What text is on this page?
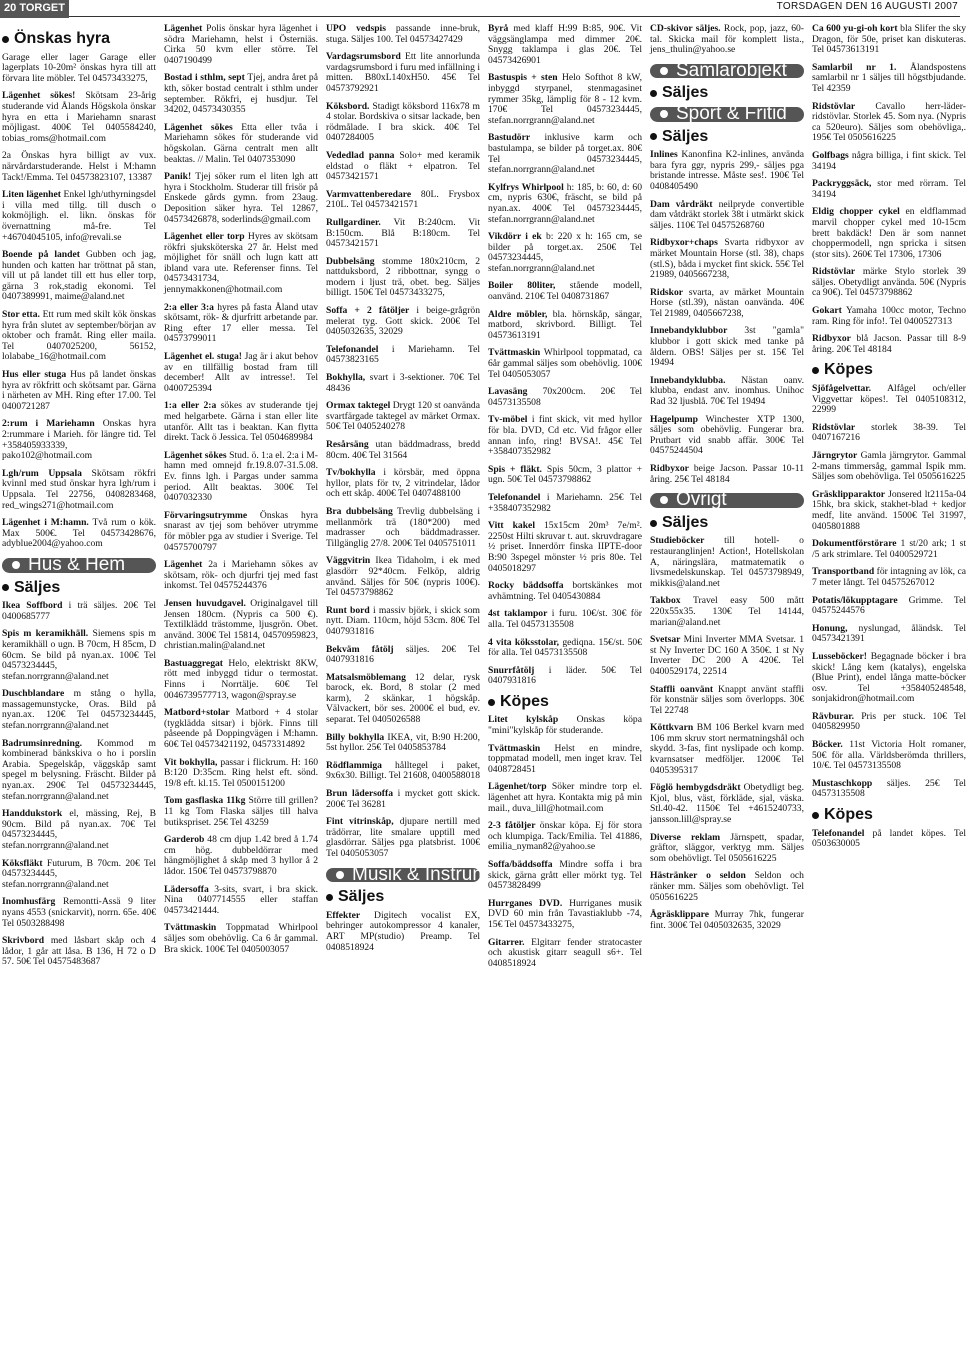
20 TORGET	TORSDAGEN DEN 16 AUGUSTI 2007
Önskas hyra
Garage eller lager Garage eller lagerplats 10-20m² önskas hyra till att förvara lite möbler. Tel 04573433275,
Lägenhet sökes! Skötsam 23-årig studerande vid Ålands Högskola önskar hyra en etta i Mariehamn snarast möjligast. 400€ Tel 0405584240, tobias_roms@hotmail.com
2a Önskas hyra billigt av vux. närvårdarstuderande. Helst i M:hamn Tack!/Emma. Tel 04573823107, 13387
Liten lägenhet Enkel lgh/uthyrningsdel i villa med tillg. till dusch o kokmöjligh. el. likn. önskas för övernattning må-fre. Tel +46704045105, info@revali.se
Boende på landet Gubben och jag, hunden och katten har tröttnat på stan, vill ut på landet till ett hus eller torp, gärna 3 rok,stadig ekonomi. Tel 0407389991, maime@aland.net
Stor etta. Ett rum med skilt kök önskas hyra från slutet av september/början av oktober och framåt. Ring eller maila. Tel 0407025200, 56152, lolababe_16@hotmail.com
Hus eller stuga Hus på landet önskas hyra av rökfritt och skötsamt par. Gärna i närheten av MH. Ring efter 17.00. Tel 0400721287
2:rum i Mariehamn Onskas hyra 2:rummare i Marieh. för längre tid. Tel +358405933339, pako102@hotmail.com
Lgh/rum Uppsala Skötsam rökfri kvinnl med stud önskar hyra lgh/rum i Uppsala. Tel 22756, 0408283468, red_wings271@hotmail.com
Lägenhet i M:hamn. Två rum o kök. Max 500€. Tel 04573428676, adyblue2004@yahoo.com
Hus & Hem
Säljes
Ikea Soffbord i trä säljes. 20€ Tel 0400685777
Spis m keramikhäll. Siemens spis m keramikhäll o ugn. B 70cm, H 85cm, D 60cm. Se bild på nyan.ax. 100€ Tel 04573234445, stefan.norrgrann@aland.net
Duschblandare m stång o hylla, massagemunstycke, Oras. Bild på nyan.ax. 120€ Tel 04573234445, stefan.norrgrann@aland.net
Badrumsinredning. Kommod m kombinerad bänkskiva o ho i porslin Arabia. Spegelskåp, väggskåp samt spegel m belysning. Fräscht. Bilder på nyan.ax. 290€ Tel 04573234445, stefan.norrgrann@aland.net
Handdukstork el, mässing, Rej, B 90cm. Bild på nyan.ax. 70€ Tel 04573234445, stefan.norrgrann@aland.net
Köksfläkt Futurum, B 70cm. 20€ Tel 04573234445, stefan.norrgrann@aland.net
Inomhusfärg Remontti-Assä 9 liter nyans 4553 (snickarvit), norrn. 65e. 40€ Tel 0503288498
Skrivbord med låsbart skåp och 4 lådor, 1 går att låsa. B 136, H 72 o D 57. 50€ Tel 04575483687
Lägenhet Polis önskar hyra lägenhet i södra Mariehamn, helst i Österniäs. Cirka 50 kvm eller större. Tel 0407190499
Bostad i sthlm, sept Tjej, andra året på kth, söker bostad centralt i sthlm under september. Rökfri, ej husdjur. Tel 34202, 04573430355
Lägenhet sökes Etta eller tvåa i Mariehamn sökes för studerande vid högskolan. Gärna centralt men allt beaktas. // Malin. Tel 0407353090
Panik! Tjej söker rum el liten lgh att hyra i Stockholm. Studerar till frisör på Enskede gårds gymn. from 23aug. Deposition säker hyra. Tel 12867, 04573426878, soderlinds@gmail.com
Lägenhet eller torp Hyres av skötsam rökfri sjuksköterska 27 år. Helst med möjlighet för snäll och lugn katt att ibland vara ute. Referenser finns. Tel 04573431734, jennymakkonen@hotmail.com
2:a eller 3:a hyres på fasta Åland utav skötsamt, rök- & djurfritt arbetande par. Ring efter 17 eller messa. Tel 04573799011
Lägenhet el. stuga! Jag är i akut behov av en tillfällig bostad fram till december! Allt av intresse!. Tel 0400725394
1:a eller 2:a sökes av studerande tjej med helgarbete. Gärna i stan eller lite utanför. Allt tas i beaktan. Kan flytta direkt. Tack ö Jessica. Tel 0504689984
Lägenhet sökes Stud. ö. 1:a el. 2:a i M-hamn med omnejd fr.19.8.07-31.5.08. Ev. finns lgh. i Pargas under samma period. Allt beaktas. 300€ Tel 0407032330
Förvaringsutrymme Önskas hyra snarast av tjej som behöver utrymme för möbler pga av studier i Sverige. Tel 04575700797
Lägenhet 2a i Mariehamn sökes av skötsam, rök- och djurfri tjej med fast inkomst. Tel 04575244376
Jensen huvudgavel. Originalgavel till Jensen 180cm. (Nypris ca 500 €). Textilklädd trästomme, ljusgrön. Obet. använd. 300€ Tel 15814, 04570959823, christian.malin@aland.net
Bastuaggregat Helo, elektriskt 8KW, rött med inbyggd tidur o termostat. Finns i Norrtälje. 60€ Tel 0046739577713, wagon@spray.se
Matbord+stolar Matbord + 4 stolar (tygklädda sitsar) i björk. Finns till påseende på Doppingvägen i M:hamn. 60€ Tel 04573421192, 04573314892
Vit bokhylla, passar i flickrum. H: 160 B:120 D:35cm. Ring helst eft. sönd. 19/8 eft. kl.15. Tel 0500151200
Tom gasflaska 11kg Större till grillen? 11 kg Tom Flaska säljes till halva butikspriset. 25€ Tel 43259
Garderob 48 cm djup 1.42 bred å 1.74 cm hög. dubbeldörrar med hängmöjlighet å skåp med 3 hyllor å 2 lådor. 150€ Tel 04573798870
Lädersoffa 3-sits, svart, i bra skick. Nina 0407714555 eller staffan 04573421444.
Tvättmaskin Toppmatad Whirlpool säljes som obehövlig. Ca 6 år gammal. Bra skick. 100€ Tel 0405003057
UPO vedspis passande inne-bruk, stuga. Säljes 100. Tel 04573427429
Vardagsrumsbord Ett lite annorlunda vardagsrumsbord i furu med infällning i mitten. B80xL140xH50. 45€ Tel 04573792921
Köksbord. Stadigt köksbord 116x78 m 4 stolar. Bordskiva o sitsar lackade, ben rödmålade. I bra skick. 40€ Tel 0407284005
Vededlad panna Solo+ med keramik eldstad o fläkt + elpatron. Tel 04573421571
Varmvattenberedare 80L. Frysbox 210L. Tel 04573421571
Rullgardiner. Vit B:240cm. Vit B:150cm. Blå B:180cm. Tel 04573421571
Dubbelsäng stomme 180x210cm, 2 nattduksbord, 2 ribbottnar, syngg o modern i ljust trä, obet. beg. Säljes billigt. 150€ Tel 04573433275,
Soffa + 2 fåtöljer i beige-grågrön melerat tyg. Gott skick. 200€ Tel 0405032635, 32029
Telefonandel i Mariehamn. Tel 04573823165
Bokhylla, svart i 3-sektioner. 70€ Tel 48436
Ormax taktegel Drygt 120 st oanvända svartfärgade taktegel av märket Ormax. 50€ Tel 0405240278
Resårsäng utan bäddmadrass, bredd 80cm. 40€ Tel 31564
Tv/bokhylla i körsbär, med öppna hyllor, plats för tv, 2 vitrindelar, lådor och ett skåp. 400€ Tel 0407488100
Bra dubbelsäng Trevlig dubbelsäng i mellanmörk trä (180*200) med madrasser och bäddmadrasser. Tillgänglig 27/8. 200€ Tel 0405751011
Väggvitrin Ikea Tidaholm, i ek med glasdörr 92*40cm. Felköp, aldrig använd. Säljes för 50€ (nypris 100€). Tel 04573798862
Runt bord i massiv björk, i skick som nytt. Diam. 110cm, höjd 53cm. 80€ Tel 0407931816
Bekväm fåtölj säljes. 20€ Tel 0407931816
Matsalsmöblemang 12 delar, rysk barock, ek. Bord, 8 stolar (2 med karm), 2 skänkar, 1 högskåp. Välvackert, bör ses. 2000€ el bud, ev. separat. Tel 0405026588
Billy bokhylla IKEA, vit, B:90 H:200, 5st hyllor. 25€ Tel 0405853784
Rödflammiga hålltegel i paket, 9x6x30. Billigt. Tel 21608, 0400588018
Brun lädersoffa i mycket gott skick. 200€ Tel 36281
Fint vitrinskåp, djupare nertill med trädörrar, lite smalare upptill med glasdörrar. Säljes pga platsbrist. 100€ Tel 0405053057
Musik & Instrument
Säljes
Effekter Digitech vocalist EX, behringer autokompressor 4 kanaler, ART MP(studio) Preamp. Tel 0408518924
Byrå med klaff H:99 B:85, 90€. Vit väggsänglampa med dimmer 20€. Snygg taklampa i glas 20€. Tel 04573426901
Bastuspis + sten Helo Softhot 8 kW, inbyggd styrpanel, stenmagasinet rymmer 35kg, lämplig för 8 - 12 kvm. 170€ Tel 04573234445, stefan.norrgrann@aland.net
Bastudörr inklusive karm och bastulampa, se bilder på torget.ax. 80€ Tel 04573234445, stefan.norrgrann@aland.net
Kylfrys Whirlpool h: 185, b: 60, d: 60 cm, nypris 630€, fräscht, se bild på nyan.ax. 400€ Tel 04573234445, stefan.norrgrann@aland.net
Vikdörr i ek b: 220 x h: 165 cm, se bilder på torget.ax. 250€ Tel 04573234445, stefan.norrgrann@aland.net
Boiler 80liter, stående modell, oanvänd. 210€ Tel 0408731867
Aldre möbler, bla. hörnskåp, sängar, matbord, skrivbord. Billigt. Tel 04573613191
Tvättmaskin Whirlpool toppmatad, ca 6år gammal säljes som obehövlig. 100€ Tel 0405053057
Lavasäng 70x200cm. 20€ Tel 04573135508
Tv-möbel i fint skick, vit med hyllor för bla. DVD, Cd etc. Vid frågor eller annan info, ring! BVSA!. 45€ Tel +358407352982
Spis + fläkt. Spis 50cm, 3 plattor + ugn. 50€ Tel 04573798862
Telefonandel i Mariehamn. 25€ Tel +358407352982
Vitt kakel 15x15cm 20m³ 7e/m². 2250st Hilti skruvar t. aut. skruvdragare ½ priset. Innerdörr finska IIPTE-door B:90 3spegel mönster ½ pris 80e. Tel 0405018297
Rocky bäddsoffa bortskänkes mot avhämtning. Tel 0405430884
4st taklampor i furu. 10€/st. 30€ för alla. Tel 04573135508
4 vita köksstolar, gediqna. 15€/st. 50€ för alla. Tel 04573135508
Snurrfåtölj i läder. 50€ Tel 0407931816
Köpes
Litet kylskåp Onskas köpa "mini"kylskåp för studerande.
Tvättmaskin Helst en mindre, toppmatad modell, men inget krav. Tel 0408728451
Lägenhet/torp Söker mindre torp el. lägenhet att hyra. Kontakta mig på min mail., duva_lill@hotmail.com
2-3 fåtöljer önskar köpa. Ej för stora och klumpiga. Tack/Emilia. Tel 41886, emilia_nyman82@yahoo.se
Soffa/bäddsoffa Mindre soffa i bra skick, gärna grått eller mörkt tyg. Tel 04573828499
Hurrganes DVD. Hurriganes musik DVD 60 min från Tavastiaklubb -74, 15€ Tel 04573433275,
Gitarrer. Elgitarr fender stratocaster och akustisk gitarr seagull s6+. Tel 0408518924
CD-skivor säljes. Rock, pop, jazz, 60-tal. Skicka mail för komplett lista., jens_thulin@yahoo.se
Samlarobjekt
Säljes
Sport & Fritid
Säljes
Inlines Kanonfina K2-inlines, använda bara fyra ggr, nypris 299,- säljes pga bristande intresse. Måste ses!. 190€ Tel 0408405490
Dam vårdräkt neilpryde convertible dam våtdräkt storlek 38t i utmärkt skick säljes. 110€ Tel 04575268760
Ridbyxor+chaps Svarta ridbyxor av märket Mountain Horse (stl. 38), chaps (stl.S), båda i mycket fint skick. 55€ Tel 21989, 0405667238,
Ridskor svarta, av märket Mountain Horse (stl.39), nästan oanvända. 40€ Tel 21989, 0405667238,
Innebandyklubbor 3st "gamla" klubbor i gott skick med tanke på åldern. OBS! Säljes per st. 15€ Tel 19494
Innebandyklubba. Nästan oanv. klubba, endast anv. inomhus. Unihoc Rad 32 ljusblå. 70€ Tel 19494
Hagelpump Winchester XTP 1300, säljes som obehövlig. Fungerar bra. Prutbart vid snabb affär. 300€ Tel 04575244504
Ridbyxor beige Jacson. Passar 10-11 åring. 25€ Tel 48184
Övrigt
Säljes
Studieböcker till hotell- o restauranglinjen! Action!, Hotellskolan A, näringslära, matmatematik o livsmedelskunskap. Tel 04573798949, mikkis@aland.net
Takbox Travel easy 500 mått 220x55x35. 130€ Tel 14144, marian@aland.net
Svetsar Mini Inverter MMA Svetsar. 1 st Ny Inverter DC 160 A 350€. 1 st Ny Inverter DC 200 A 420€. Tel 0400529174, 22514
Staffli oanvänt Knappt använt staffli för konstnär säljes som överlopps. 30€ Tel 22748
Köttkvarn BM 106 Berkel kvarn med 106 mm skruv stort nermatningshål och skydd. 3-fas, fint nyslipade och komp. kvarnsatser medföljer. 1200€ Tel 0405395317
Föglö hembygdsdräkt Obetydligt beg. Kjol, blus, väst, förkläde, sjal, väska. Stl.40-42. 1150€ Tel +4615240733, jansson.lill@spray.se
Diverse reklam Järnspett, spadar, gräftor, släggor, verktyg mm. Säljes som obehövligt. Tel 0505616225
Hästränker o seldon Seldon och ränker mm. Säljes som obehövligt. Tel 0505616225
Ågräsklippare Murray 7hk, fungerar fint. 300€ Tel 0405032635, 32029
Ca 600 yu-gi-oh kort bla Slifer the sky Dragon, för 50e, priset kan diskuteras. Tel 04573613191
Samlarbil nr 1. Ålandspostens samlarbil nr 1 säljes till högstbjudande. Tel 42359
Ridstövlar Cavallo herr-läder-ridstövlar. Storlek 45. Som nya. (Nypris ca 520euro). Säljes som obehövliga,. 195€ Tel 0505616225
Golfbags några billiga, i fint skick. Tel 34194
Packryggsäck, stor med rörram. Tel 34194
Eldig chopper cykel en eldflammad marvil chopper cykel med 10-15cm brett bakdäck! Den är som nannet choppermodell, ngn spricka i sitsen (stor sits). 260€ Tel 17306, 17306
Ridstövlar märke Stylo storlek 39 säljes. Obetydligt använda. 50€ (Nypris ca 90€). Tel 04573798862
Gokart Yamaha 100cc motor, Techno ram. Ring för info!. Tel 0400527313
Ridbyxor blå Jacson. Passar till 8-9 åring. 20€ Tel 48184
Köpes
Sjöfågelvettar. Alfågel och/eller Viggvettar köpes!. Tel 0405108312, 22999
Ridstövlar storlek 38-39. Tel 0407167216
Järngrytor Gamla järngrytor. Gammal 2-mans timmersåg, gammal Ispik mm. Säljes som obehövliga. Tel 0505616225
Gräsklipparaktor Jonsered lt2115a-04 15hk, bra skick, stakhet-blad + kedjor medf, lite använd. 1500€ Tel 31997, 0405801888
Dokumentförstörare 1 st/20 ark; 1 st /5 ark strimlare. Tel 0400529721
Transportband för intagning av lök, ca 7 meter långt. Tel 04575267012
Potatis/lökupptagare Grimme. Tel 04575244576
Honung, nyslungad, åländsk. Tel 04573421391
Lusseböcker! Begagnade böcker i bra skick! Lång kem (katalys), engelska (Blue Print), endel långa matte-böcker osv. Tel +358405248548, sonjakidron@hotmail.com
Rävburar. Pris per stuck. 10€ Tel 0405829950
Böcker. 11st Victoria Holt romaner, 50€ för alla. Världsberömda thrillers, 10/€. Tel 04573135508
Mustaschkopp säljes. 25€ Tel 04573135508
Köpes
Telefonandel på landet köpes. Tel 0503630005
